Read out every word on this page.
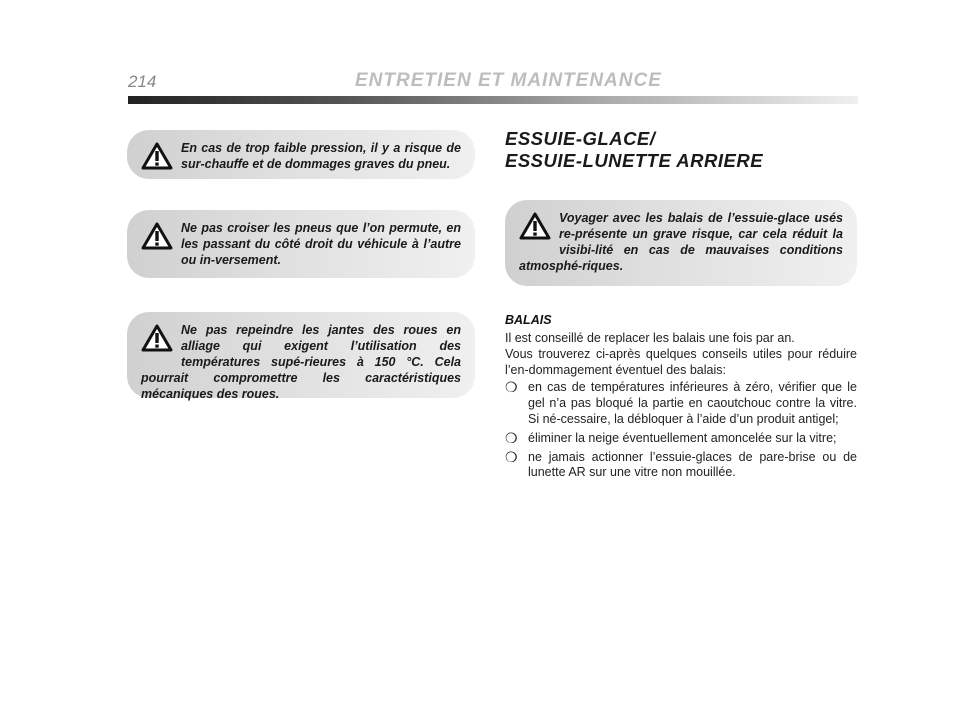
214	ENTRETIEN ET MAINTENANCE
En cas de trop faible pression, il y a risque de sur-chauffe et de dommages graves du pneu.
Ne pas croiser les pneus que l’on permute, en les passant du côté droit du véhicule à l’autre ou in-versement.
Ne pas repeindre les jantes des roues en alliage qui exigent l’utilisation des températures supé-rieures à 150 °C. Cela pourrait compromettre les caractéristiques mécaniques des roues.
ESSUIE-GLACE/
ESSUIE-LUNETTE ARRIERE
Voyager avec les balais de l’essuie-glace usés re-présente un grave risque, car cela réduit la visibi-lité en cas de mauvaises conditions atmosphé-riques.
BALAIS

Il est conseillé de replacer les balais une fois par an.

Vous trouverez ci-après quelques conseils utiles pour réduire l’en-dommagement éventuel des balais:

❍ en cas de températures inférieures à zéro, vérifier que le gel n’a pas bloqué la partie en caoutchouc contre la vitre. Si né-cessaire, la débloquer à l’aide d’un produit antigel;
❍ éliminer la neige éventuellement amoncelée sur la vitre;
❍ ne jamais actionner l’essuie-glaces de pare-brise ou de lunette AR sur une vitre non mouillée.
